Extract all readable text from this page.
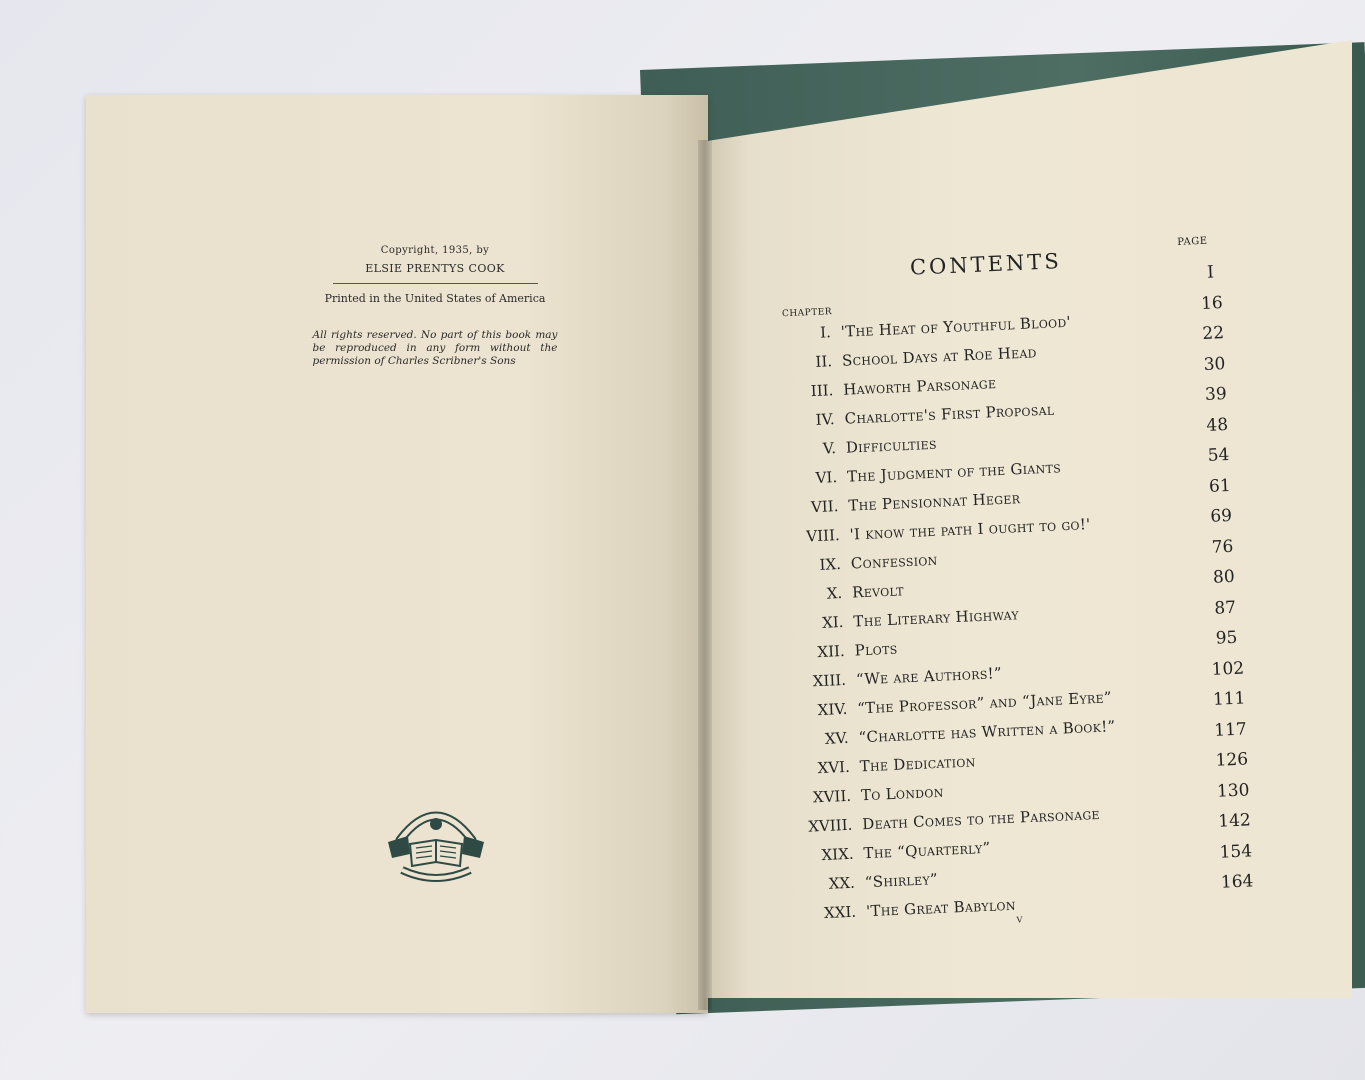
Copyright, 1935, by
ELSIE PRENTYS COOK
Printed in the United States of America
All rights reserved. No part of this book may be reproduced in any form without the permission of Charles Scribner's Sons
CONTENTS
PAGE
CHAPTER
I
16
22
30
39
48
54
61
69
76
80
87
95
102
111
117
126
130
142
154
164
I. 'The Heat of Youthful Blood'
II. School Days at Roe Head
III. Haworth Parsonage
IV. Charlotte's First Proposal
V. Difficulties
VI. The Judgment of the Giants
VII. The Pensionnat Heger
VIII. 'I know the path I ought to go!'
IX. Confession
X. Revolt
XI. The Literary Highway
XII. Plots
XIII. “We are Authors!”
XIV. “The Professor” and “Jane Eyre”
XV. “Charlotte has Written a Book!”
XVI. The Dedication
XVII. To London
XVIII. Death Comes to the Parsonage
XIX. The “Quarterly”
XX. “Shirley”
XXI. 'The Great Babylon v
